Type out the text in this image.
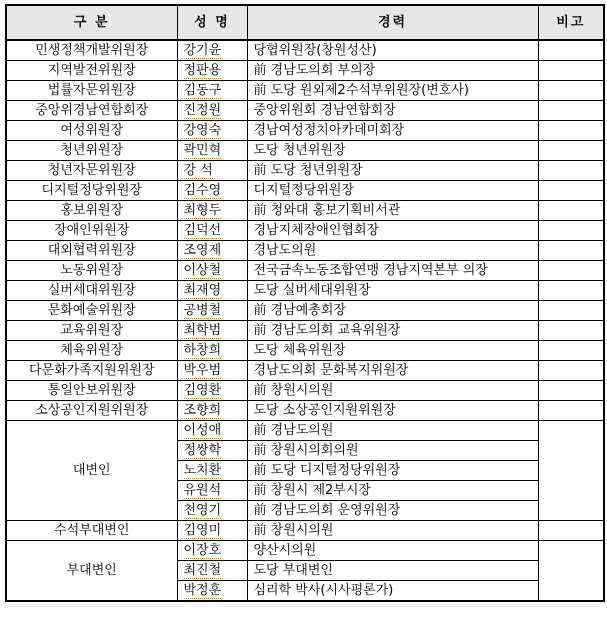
구 분	성 명	경력	비고
민생정책개발위원장	강기윤	당협위원장(창원성산)	
지역발전위원장	정판용	前 경남도의회 부의장	
법률자문위원장	김동구	前 도당 원외제2수석부위원장(변호사)	
중앙위경남연합회장	진정원	중앙위원회 경남연합회장	
여성위원장	강영숙	경남여성정치아카데미회장	
청년위원장	곽민혁	도당 청년위원장	
청년자문위원장	강 석	前 도당 청년위원장	
디지털정당위원장	김수영	디지털정당위원장	
홍보위원장	최형두	前 청와대 홍보기획비서관	
장애인위원장	김덕선	경남지체장애인협회장	
대외협력위원장	조영제	경남도의원	
노동위원장	이상철	전국금속노동조합연맹 경남지역본부 의장	
실버세대위원장	최재영	도당 실버세대위원장	
문화예술위원장	공병철	前 경남예총회장	
교육위원장	최학범	前 경남도의회 교육위원장	
체육위원장	하창희	도당 체육위원장	
다문화가족지원위원장	박우범	경남도의회 문화복지위원장	
통일안보위원장	김영환	前 창원시의원	
소상공인지원위원장	조향희	도당 소상공인지원위원장	
대변인	이성애	前 경남도의원	
	정쌍학	前 창원시의회의원	
	노치환	前 도당 디지털정당위원장	
	유원석	前 창원시 제2부시장	
	천영기	前 경남도의회 운영위원장	
수석부대변인	김영미	前 창원시의원	
부대변인	이장호	양산시의원	
	최진철	도당 부대변인	
	박정훈	심리학 박사(시사평론가)	
